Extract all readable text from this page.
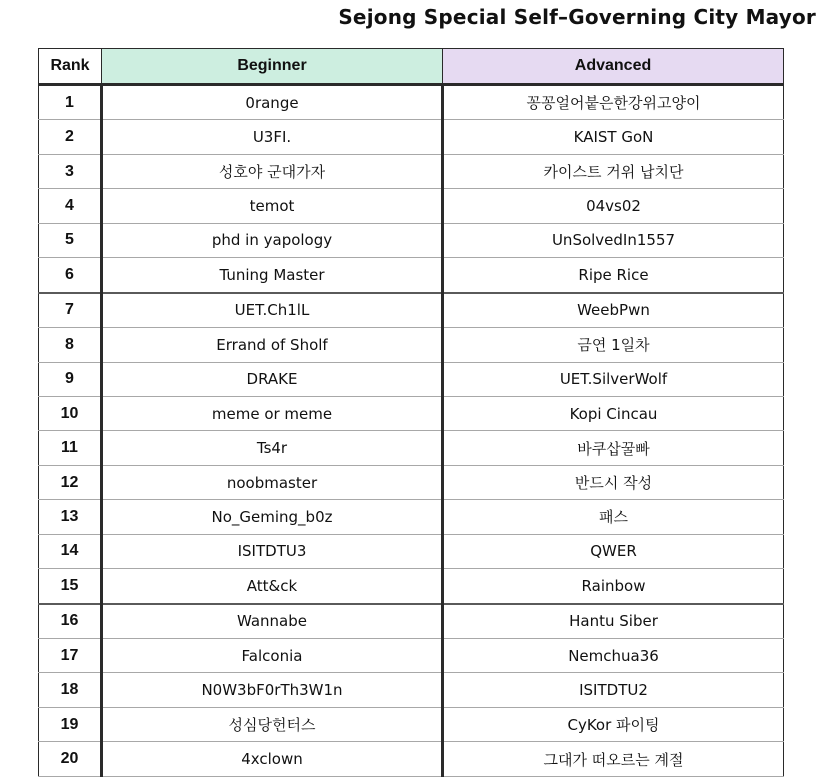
Sejong Special Self–Governing City Mayor
Rank	Beginner	Advanced
1	0range	꽁꽁얼어붙은한강위고양이
2	U3FI.	KAIST GoN
3	성호야 군대가자	카이스트 거위 납치단
4	temot	04vs02
5	phd in yapology	UnSolvedIn1557
6	Tuning Master	Ripe Rice
7	UET.Ch1lL	WeebPwn
8	Errand of Sholf	금연 1일차
9	DRAKE	UET.SilverWolf
10	meme or meme	Kopi Cincau
11	Ts4r	바쿠삽꿀빠
12	noobmaster	반드시 작성
13	No_Geming_b0z	패스
14	ISITDTU3	QWER
15	Att&ck	Rainbow
16	Wannabe	Hantu Siber
17	Falconia	Nemchua36
18	N0W3bF0rTh3W1n	ISITDTU2
19	성심당헌터스	CyKor 파이팅
20	4xclown	그대가 떠오르는 계절
